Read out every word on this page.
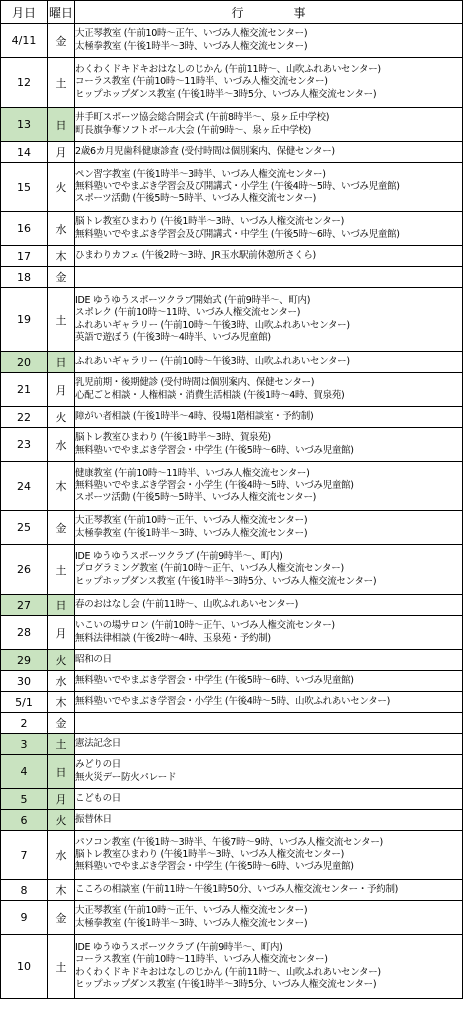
月日	曜日	行事
4/11	金	大正琴教室 (午前10時～正午、いづみ人権交流センター)
太極拳教室 (午後1時半～3時、いづみ人権交流センター)

12	土	わくわくドキドキおはなしのじかん (午前11時～、山吹ふれあいセンター)
コーラス教室 (午前10時～11時半、いづみ人権交流センター)
ヒップホップダンス教室 (午後1時半～3時5分、いづみ人権交流センター)

13	日	井手町スポーツ協会総合開会式 (午前8時半～、泉ヶ丘中学校)
町長旗争奪ソフトボール大会 (午前9時～、泉ヶ丘中学校)

14	月	2歳6カ月児歯科健康診査 (受付時間は個別案内、保健センター)

15	火	ペン習字教室 (午後1時半～3時半、いづみ人権交流センター)
無料塾いでやまぶき学習会及び開講式・小学生 (午後4時～5時、いづみ児童館)
スポーツ活動 (午後5時～5時半、いづみ人権交流センター)

16	水	脳トレ教室ひまわり (午後1時半～3時、いづみ人権交流センター)
無料塾いでやまぶき学習会及び開講式・中学生 (午後5時～6時、いづみ児童館)

17	木	ひまわりカフェ (午後2時～3時、JR玉水駅前休憩所さくら)

18	金	
19	土	IDE ゆうゆうスポーツクラブ開始式 (午前9時半～、町内)
スポレク (午前10時～11時、いづみ人権交流センター)
ふれあいギャラリー (午前10時～午後3時、山吹ふれあいセンター)
英語で遊ぼう (午後3時～4時半、いづみ児童館)

20	日	ふれあいギャラリー (午前10時～午後3時、山吹ふれあいセンター)

21	月	乳児前期・後期健診 (受付時間は個別案内、保健センター)
心配ごと相談・人権相談・消費生活相談 (午後1時～4時、賀泉苑)

22	火	障がい者相談 (午後1時半～4時、役場1階相談室・予約制)

23	水	脳トレ教室ひまわり (午後1時半～3時、賀泉苑)
無料塾いでやまぶき学習会・中学生 (午後5時～6時、いづみ児童館)

24	木	健康教室 (午前10時～11時半、いづみ人権交流センター)
無料塾いでやまぶき学習会・小学生 (午後4時～5時、いづみ児童館)
スポーツ活動 (午後5時～5時半、いづみ人権交流センター)

25	金	大正琴教室 (午前10時～正午、いづみ人権交流センター)
太極拳教室 (午後1時半～3時、いづみ人権交流センター)

26	土	IDE ゆうゆうスポーツクラブ (午前9時半～、町内)
プログラミング教室 (午前10時～正午、いづみ人権交流センター)
ヒップホップダンス教室 (午後1時半～3時5分、いづみ人権交流センター)

27	日	春のおはなし会 (午前11時～、山吹ふれあいセンター)

28	月	いこいの場サロン (午前10時～正午、いづみ人権交流センター)
無料法律相談 (午後2時～4時、玉泉苑・予約制)

29	火	昭和の日

30	水	無料塾いでやまぶき学習会・中学生 (午後5時～6時、いづみ児童館)

5/1	木	無料塾いでやまぶき学習会・小学生 (午後4時～5時、山吹ふれあいセンター)

2	金	
3	土	憲法記念日

4	日	みどりの日
無火災デー防火パレード

5	月	こどもの日

6	火	振替休日

7	水	パソコン教室 (午後1時～3時半、午後7時～9時、いづみ人権交流センター)
脳トレ教室ひまわり (午後1時半～3時、いづみ人権交流センター)
無料塾いでやまぶき学習会・中学生 (午後5時～6時、いづみ児童館)

8	木	こころの相談室 (午前11時～午後1時50分、いづみ人権交流センター・予約制)

9	金	大正琴教室 (午前10時～正午、いづみ人権交流センター)
太極拳教室 (午後1時半～3時、いづみ人権交流センター)

10	土	IDE ゆうゆうスポーツクラブ (午前9時半～、町内)
コーラス教室 (午前10時～11時半、いづみ人権交流センター)
わくわくドキドキおはなしのじかん (午前11時～、山吹ふれあいセンター)
ヒップホップダンス教室 (午後1時半～3時5分、いづみ人権交流センター)
